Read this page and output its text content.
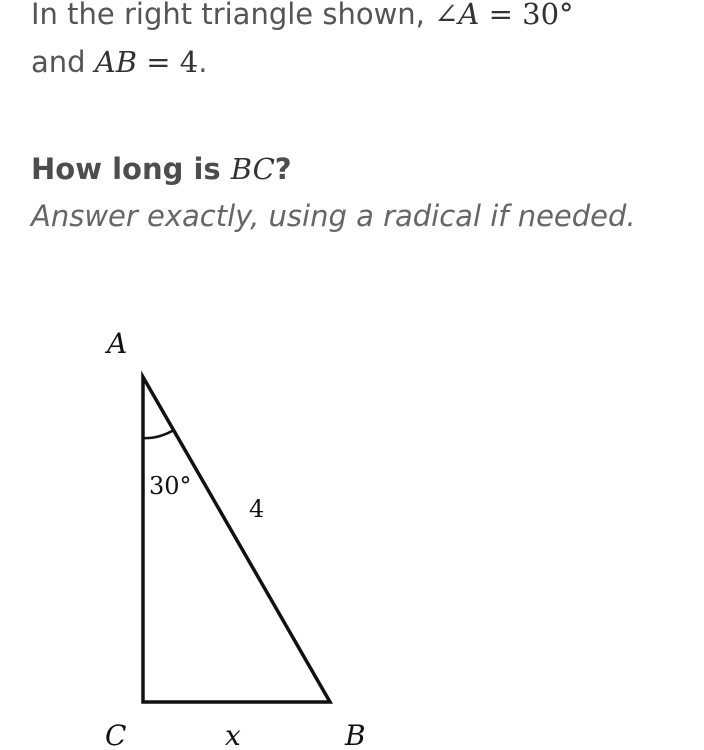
In the right triangle shown, ∠A = 30°
and AB = 4.
How long is BC?
Answer exactly, using a radical if needed.
A
C	B
30°
4
x
